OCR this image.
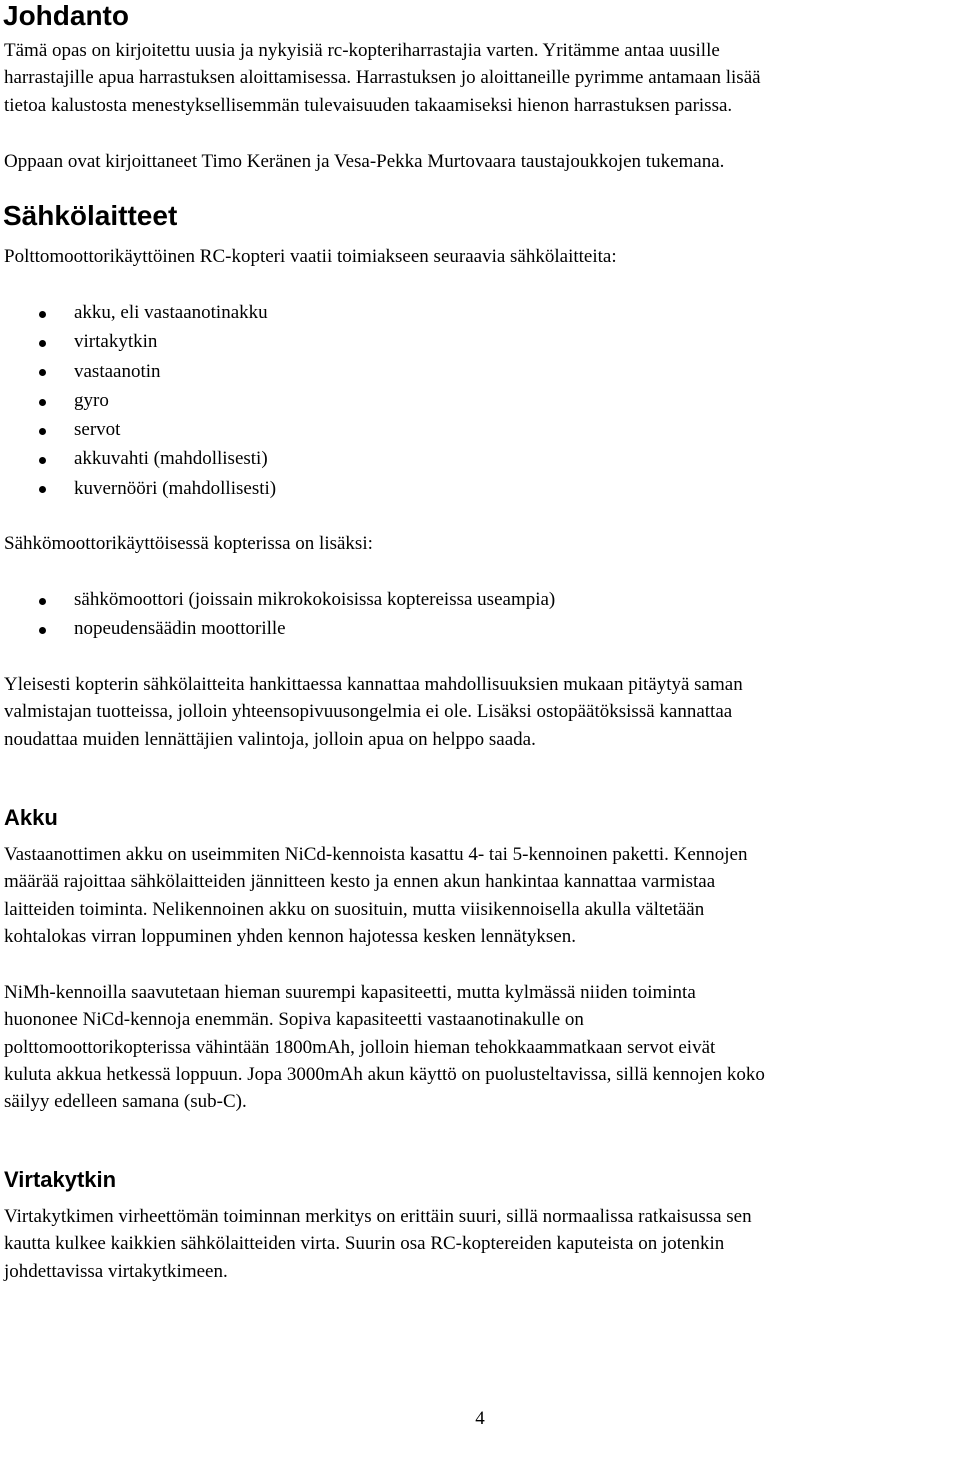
Johdanto

Tämä opas on kirjoitettu uusia ja nykyisiä rc-kopteriharrastajia varten. Yritämme antaa uusille
harrastajille apua harrastuksen aloittamisessa. Harrastuksen jo aloittaneille pyrimme antamaan lisää
tietoa kalustosta menestyksellisemmän tulevaisuuden takaamiseksi hienon harrastuksen parissa.

Oppaan ovat kirjoittaneet Timo Keränen ja Vesa-Pekka Murtovaara taustajoukkojen tukemana.

Sähkölaitteet

Polttomoottorikäyttöinen RC-kopteri vaatii toimiakseen seuraavia sähkölaitteita:

akku, eli vastaanotinakku
virtakytkin
vastaanotin
gyro
servot
akkuvahti (mahdollisesti)
kuvernööri (mahdollisesti)

Sähkömoottorikäyttöisessä kopterissa on lisäksi:

sähkömoottori (joissain mikrokokoisissa koptereissa useampia)
nopeudensäädin moottorille

Yleisesti kopterin sähkölaitteita hankittaessa kannattaa mahdollisuuksien mukaan pitäytyä saman
valmistajan tuotteissa, jolloin yhteensopivuusongelmia ei ole. Lisäksi ostopäätöksissä kannattaa
noudattaa muiden lennättäjien valintoja, jolloin apua on helppo saada.

Akku

Vastaanottimen akku on useimmiten NiCd-kennoista kasattu 4- tai 5-kennoinen paketti. Kennojen
määrää rajoittaa sähkölaitteiden jännitteen kesto ja ennen akun hankintaa kannattaa varmistaa
laitteiden toiminta. Nelikennoinen akku on suosituin, mutta viisikennoisella akulla vältetään
kohtalokas virran loppuminen yhden kennon hajotessa kesken lennätyksen.

NiMh-kennoilla saavutetaan hieman suurempi kapasiteetti, mutta kylmässä niiden toiminta
huononee NiCd-kennoja enemmän. Sopiva kapasiteetti vastaanotinakulle on
polttomoottorikopterissa vähintään 1800mAh, jolloin hieman tehokkaammatkaan servot eivät
kuluta akkua hetkessä loppuun. Jopa 3000mAh akun käyttö on puolusteltavissa, sillä kennojen koko
säilyy edelleen samana (sub-C).

Virtakytkin

Virtakytkimen virheettömän toiminnan merkitys on erittäin suuri, sillä normaalissa ratkaisussa sen
kautta kulkee kaikkien sähkölaitteiden virta. Suurin osa RC-koptereiden kaputeista on jotenkin
johdettavissa virtakytkimeen.

4
